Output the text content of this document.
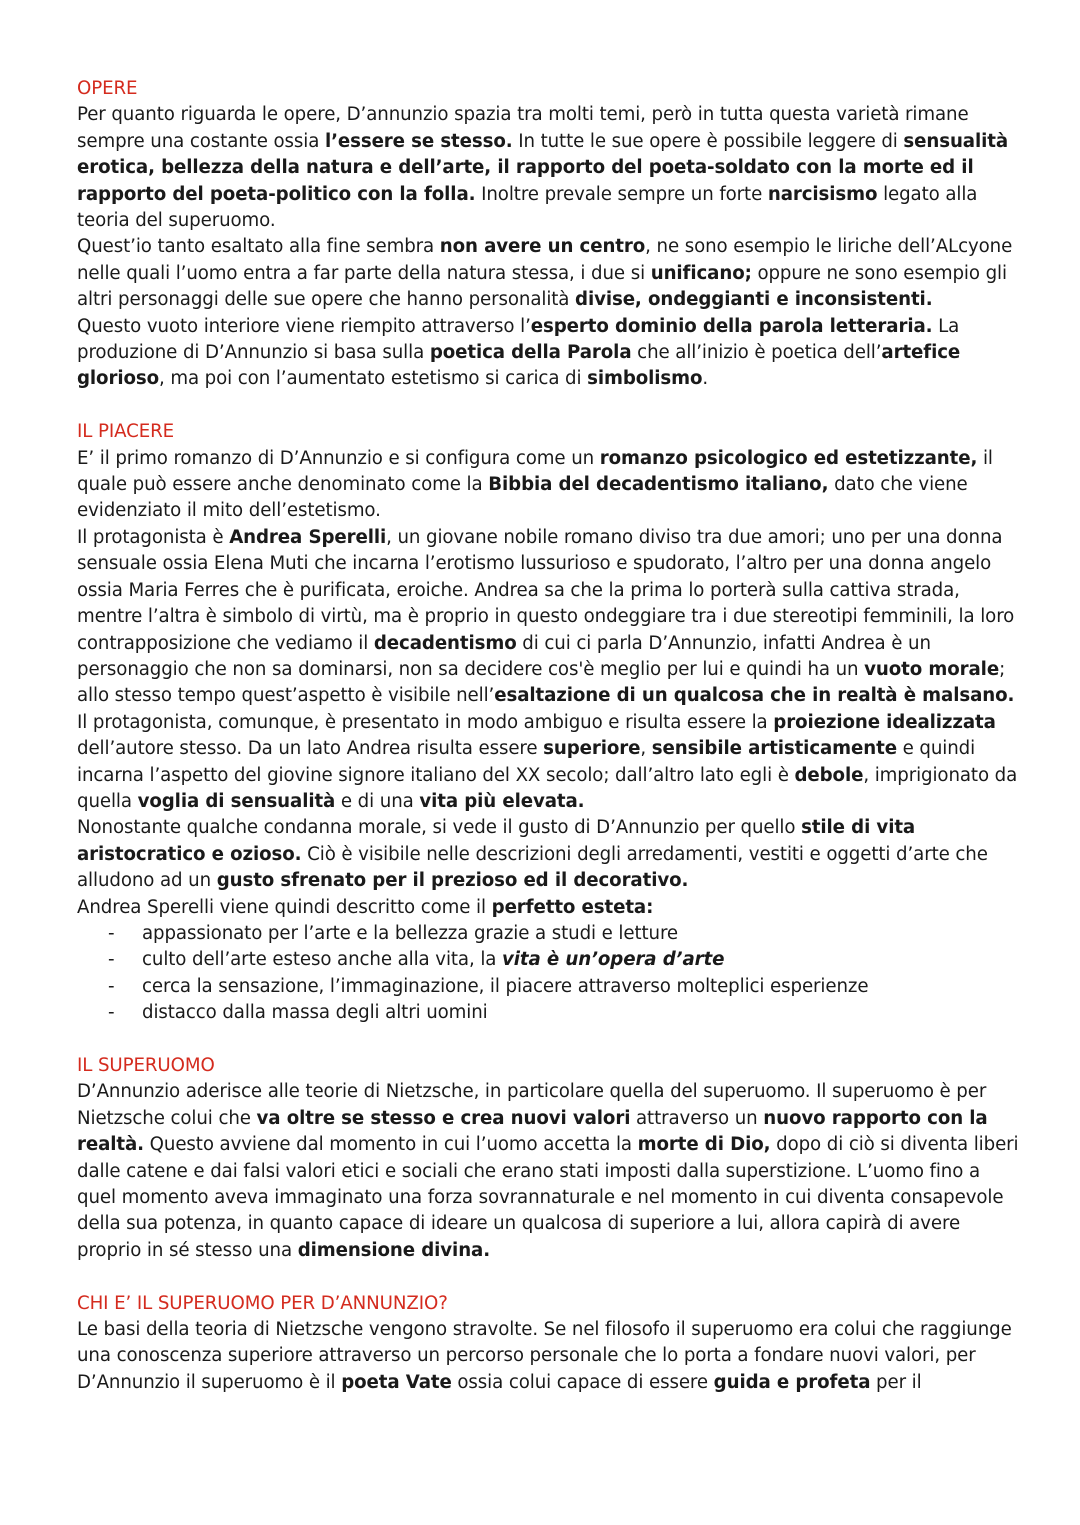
OPERE

Per quanto riguarda le opere, D’annunzio spazia tra molti temi, però in tutta questa varietà rimane sempre una costante ossia l’essere se stesso. In tutte le sue opere è possibile leggere di sensualità erotica, bellezza della natura e dell’arte, il rapporto del poeta-soldato con la morte ed il rapporto del poeta-politico con la folla. Inoltre prevale sempre un forte narcisismo legato alla teoria del superuomo.

Quest’io tanto esaltato alla fine sembra non avere un centro, ne sono esempio le liriche dell’ALcyone nelle quali l’uomo entra a far parte della natura stessa, i due si unificano; oppure ne sono esempio gli altri personaggi delle sue opere che hanno personalità divise, ondeggianti e inconsistenti.

Questo vuoto interiore viene riempito attraverso l’esperto dominio della parola letteraria. La produzione di D’Annunzio si basa sulla poetica della Parola che all’inizio è poetica dell’artefice glorioso, ma poi con l’aumentato estetismo si carica di simbolismo.

IL PIACERE

E’ il primo romanzo di D’Annunzio e si configura come un romanzo psicologico ed estetizzante, il quale può essere anche denominato come la Bibbia del decadentismo italiano, dato che viene evidenziato il mito dell’estetismo.

Il protagonista è Andrea Sperelli, un giovane nobile romano diviso tra due amori; uno per una donna sensuale ossia Elena Muti che incarna l’erotismo lussurioso e spudorato, l’altro per una donna angelo ossia Maria Ferres che è purificata, eroiche. Andrea sa che la prima lo porterà sulla cattiva strada, mentre l’altra è simbolo di virtù, ma è proprio in questo ondeggiare tra i due stereotipi femminili, la loro contrapposizione che vediamo il decadentismo di cui ci parla D’Annunzio, infatti Andrea è un personaggio che non sa dominarsi, non sa decidere cos'è meglio per lui e quindi ha un vuoto morale; allo stesso tempo quest’aspetto è visibile nell’esaltazione di un qualcosa che in realtà è malsano.

Il protagonista, comunque, è presentato in modo ambiguo e risulta essere la proiezione idealizzata dell’autore stesso. Da un lato Andrea risulta essere superiore, sensibile artisticamente e quindi incarna l’aspetto del giovine signore italiano del XX secolo; dall’altro lato egli è debole, imprigionato da quella voglia di sensualità e di una vita più elevata.

Nonostante qualche condanna morale, si vede il gusto di D’Annunzio per quello stile di vita aristocratico e ozioso. Ciò è visibile nelle descrizioni degli arredamenti, vestiti e oggetti d’arte che alludono ad un gusto sfrenato per il prezioso ed il decorativo.

Andrea Sperelli viene quindi descritto come il perfetto esteta:

- appassionato per l’arte e la bellezza grazie a studi e letture
- culto dell’arte esteso anche alla vita, la vita è un’opera d’arte
- cerca la sensazione, l’immaginazione, il piacere attraverso molteplici esperienze
- distacco dalla massa degli altri uomini
IL SUPERUOMO

D’Annunzio aderisce alle teorie di Nietzsche, in particolare quella del superuomo. Il superuomo è per Nietzsche colui che va oltre se stesso e crea nuovi valori attraverso un nuovo rapporto con la realtà. Questo avviene dal momento in cui l’uomo accetta la morte di Dio, dopo di ciò si diventa liberi dalle catene e dai falsi valori etici e sociali che erano stati imposti dalla superstizione. L’uomo fino a quel momento aveva immaginato una forza sovrannaturale e nel momento in cui diventa consapevole della sua potenza, in quanto capace di ideare un qualcosa di superiore a lui, allora capirà di avere proprio in sé stesso una dimensione divina.

CHI E’ IL SUPERUOMO PER D’ANNUNZIO?

Le basi della teoria di Nietzsche vengono stravolte. Se nel filosofo il superuomo era colui che raggiunge una conoscenza superiore attraverso un percorso personale che lo porta a fondare nuovi valori, per D’Annunzio il superuomo è il poeta Vate ossia colui capace di essere guida e profeta per il
